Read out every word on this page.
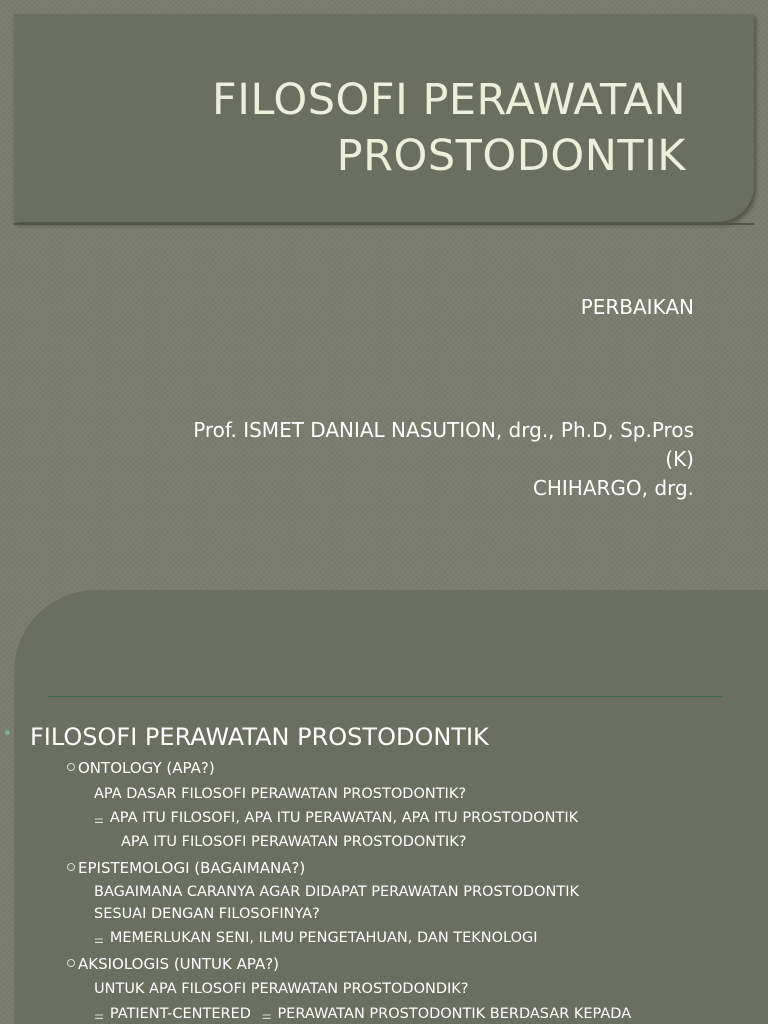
FILOSOFI PERAWATAN
PROSTODONTIK
PERBAIKAN
Prof. ISMET DANIAL NASUTION, drg., Ph.D, Sp.Pros
(K)
CHIHARGO, drg.
FILOSOFI PERAWATAN PROSTODONTIK
ONTOLOGY (APA?)
APA DASAR FILOSOFI PERAWATAN PROSTODONTIK?
⚌ APA ITU FILOSOFI, APA ITU PERAWATAN, APA ITU PROSTODONTIK
APA ITU FILOSOFI PERAWATAN PROSTODONTIK?
EPISTEMOLOGI (BAGAIMANA?)
BAGAIMANA CARANYA AGAR DIDAPAT PERAWATAN PROSTODONTIK
SESUAI DENGAN FILOSOFINYA?
⚌ MEMERLUKAN SENI, ILMU PENGETAHUAN, DAN TEKNOLOGI
AKSIOLOGIS (UNTUK APA?)
UNTUK APA FILOSOFI PERAWATAN PROSTODONDIK?
⚌ PATIENT-CENTERED ⚌ PERAWATAN PROSTODONTIK BERDASAR KEPADA
